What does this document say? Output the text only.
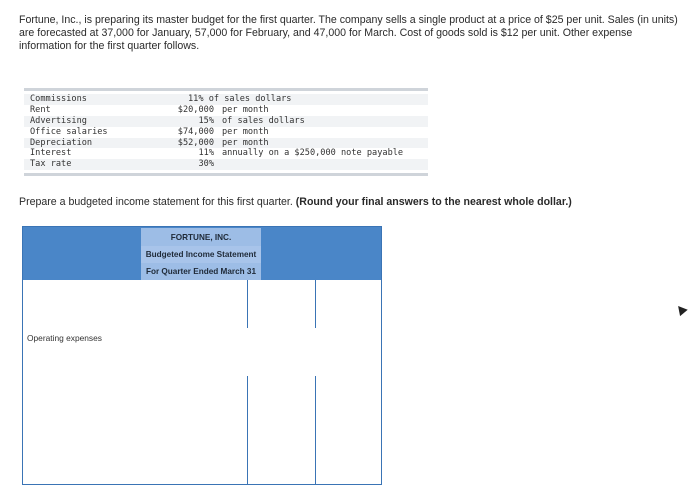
Fortune, Inc., is preparing its master budget for the first quarter. The company sells a single product at a price of $25 per unit. Sales (in units) are forecasted at 37,000 for January, 57,000 for February, and 47,000 for March. Cost of goods sold is $12 per unit. Other expense information for the first quarter follows.
Commissions	11% of sales dollars
Rent	$20,000 per month
Advertising	15% of sales dollars
Office salaries	$74,000 per month
Depreciation	$52,000 per month
Interest	11% annually on a $250,000 note payable
Tax rate	30%
Prepare a budgeted income statement for this first quarter. (Round your final answers to the nearest whole dollar.)
FORTUNE, INC.
Budgeted Income Statement
For Quarter Ended March 31
Operating expenses
